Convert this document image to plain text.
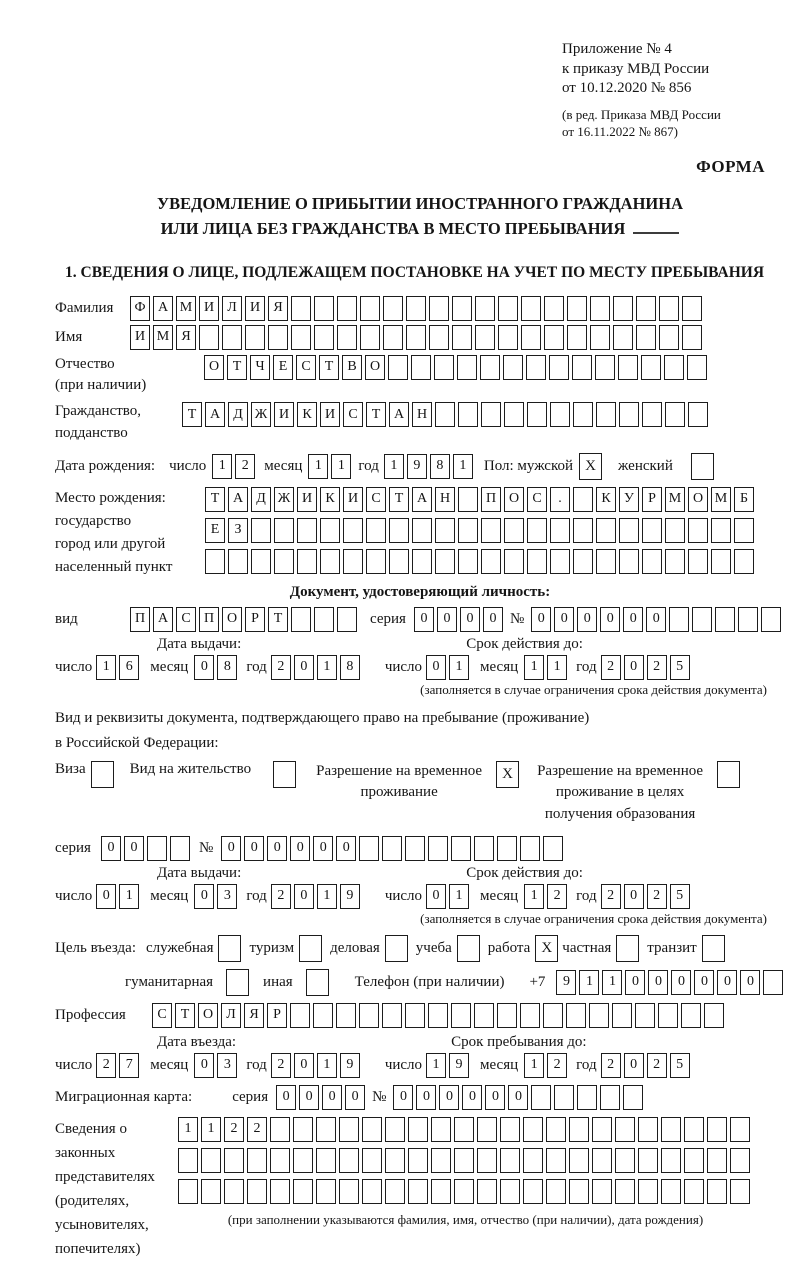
Приложение № 4
к приказу МВД России
от 10.12.2020 № 856
(в ред. Приказа МВД России
от 16.11.2022 № 867)
ФОРМА
УВЕДОМЛЕНИЕ О ПРИБЫТИИ ИНОСТРАННОГО ГРАЖДАНИНА
ИЛИ ЛИЦА БЕЗ ГРАЖДАНСТВА В МЕСТО ПРЕБЫВАНИЯ
1. СВЕДЕНИЯ О ЛИЦЕ, ПОДЛЕЖАЩЕМ ПОСТАНОВКЕ НА УЧЕТ ПО МЕСТУ ПРЕБЫВАНИЯ
Фамилия	Ф А М И Л И Я
Имя	И М Я
Отчество
(при наличии)
О Т	Ч	Е	С	Т	В О
Гражданство,
подданство
Т А Д Ж И К И С	Т А Н
Дата рождения: число 1	2	месяц 1	1 год 1	9	8	1	Пол: мужской X	женский
Место рождения:
государство
город или другой
населенный пункт
Т А Д Ж И К И С	Т А Н	П О С	.	К У	Р М О М Б
Е	З
Документ, удостоверяющий личность:
вид	П А С П О	Р	Т	серия	0	0	0	0 № 0	0	0	0	0	0
Дата выдачи:	Срок действия до:
число 1	6	месяц 0	8	год 2	0	1	8	число 0	1	месяц 1	1	год 2	0	2	5
(заполняется в случае ограничения срока действия документа)
Вид и реквизиты документа, подтверждающего право на пребывание (проживание)
в Российской Федерации:
Виза	Вид на жительство	Разрешение на временное
проживание
X	Разрешение на временное
проживание в целях
получения образования
серия	0	0	№	0	0	0	0	0	0
Дата выдачи:	Срок действия до:
число 0	1	месяц 0	3	год 2	0	1	9	число 0	1	месяц 1	2	год 2	0	2	5
(заполняется в случае ограничения срока действия документа)
Цель въезда: служебная туризм деловая учеба работа X частная транзит
гуманитарная	иная	Телефон (при наличии) +7	9	1	1	0	0	0	0	0	0
Профессия	С	Т О Л Я	Р
Дата въезда:	Срок пребывания до:
число 2	7	месяц 0	3	год 2	0	1	9	число 1	9	месяц 1	2	год 2	0	2	5
Миграционная карта:	серия	0	0	0	0 № 0	0	0	0	0	0
Сведения о
законных
представителях
(родителях,
усыновителях,
попечителях)
1	1	2	2
(при заполнении указываются фамилия, имя, отчество (при наличии), дата рождения)
